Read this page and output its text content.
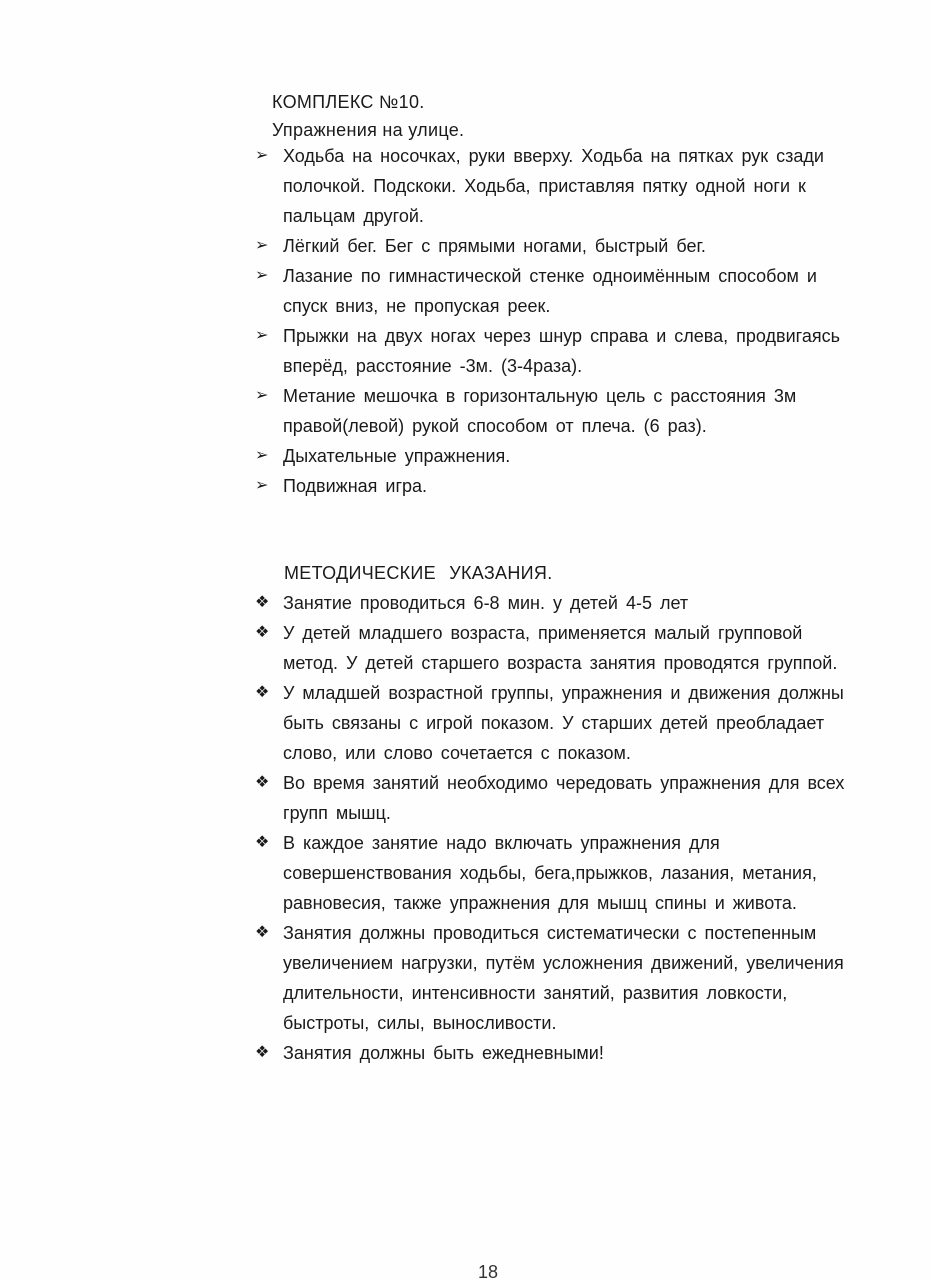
КОМПЛЕКС №10.
Упражнения на улице.
➢ Ходьба на носочках, руки вверху. Ходьба на пятках рук сзади полочкой. Подскоки. Ходьба, приставляя пятку одной ноги к пальцам другой.
➢ Лёгкий бег. Бег с прямыми ногами, быстрый бег.
➢ Лазание по гимнастической стенке одноимённым способом и спуск вниз, не пропуская реек.
➢ Прыжки на двух ногах через шнур справа и слева, продвигаясь вперёд, расстояние -3м. (3-4раза).
➢ Метание мешочка в горизонтальную цель с расстояния 3м правой(левой) рукой способом от плеча. (6 раз).
➢ Дыхательные упражнения.
➢ Подвижная игра.
МЕТОДИЧЕСКИЕ УКАЗАНИЯ.
❖ Занятие проводиться 6-8 мин. у детей 4-5 лет
❖ У детей младшего возраста, применяется малый групповой метод. У детей старшего возраста занятия проводятся группой.
❖ У младшей возрастной группы, упражнения и движения должны быть связаны с игрой показом. У старших детей преобладает слово, или слово сочетается с показом.
❖ Во время занятий необходимо чередовать упражнения для всех групп мышц.
❖ В каждое занятие надо включать упражнения для совершенствования ходьбы, бега,прыжков, лазания, метания, равновесия, также упражнения для мышц спины и живота.
❖ Занятия должны проводиться систематически с постепенным увеличением нагрузки, путём усложнения движений, увеличения длительности, интенсивности занятий, развития ловкости, быстроты, силы, выносливости.
❖ Занятия должны быть ежедневными!
18
